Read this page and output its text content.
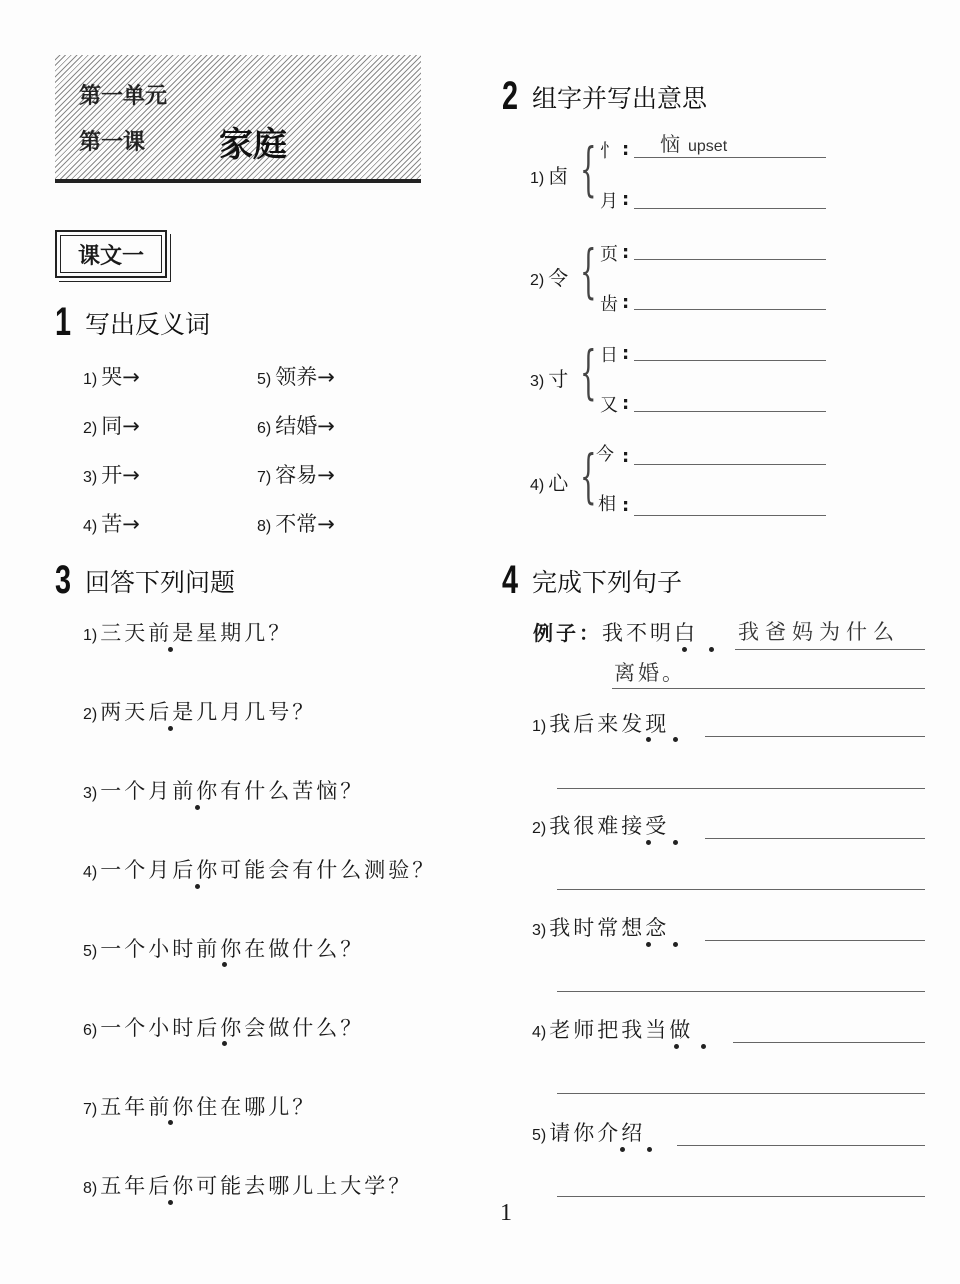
第一单元
第一课 家庭
课文一
1 写出反义词
1) 哭→
2) 同→
3) 开→
4) 苦→
5) 领养→
6) 结婚→
7) 容易→
8) 不常→
3 回答下列问题
1) 三天前是星期几？
2) 两天后是几月几号？
3) 一个月前你有什么苦恼？
4) 一个月后你可能会有什么测验？
5) 一个小时前你在做什么？
6) 一个小时后你会做什么？
7) 五年前你住在哪儿？
8) 五年后你可能去哪儿上大学？
2 组字并写出意思
1) 卤 { 忄 : 恼 upset
月 :
2) 令 { 页 :
齿 :
3) 寸 { 日 :
又 :
4) 心 { 今 :
相 :
4 完成下列句子
例子：我不明白 我爸妈为什么
离婚。
1) 我后来发现
2) 我很难接受
3) 我时常想念
4) 老师把我当做
5) 请你介绍
1
